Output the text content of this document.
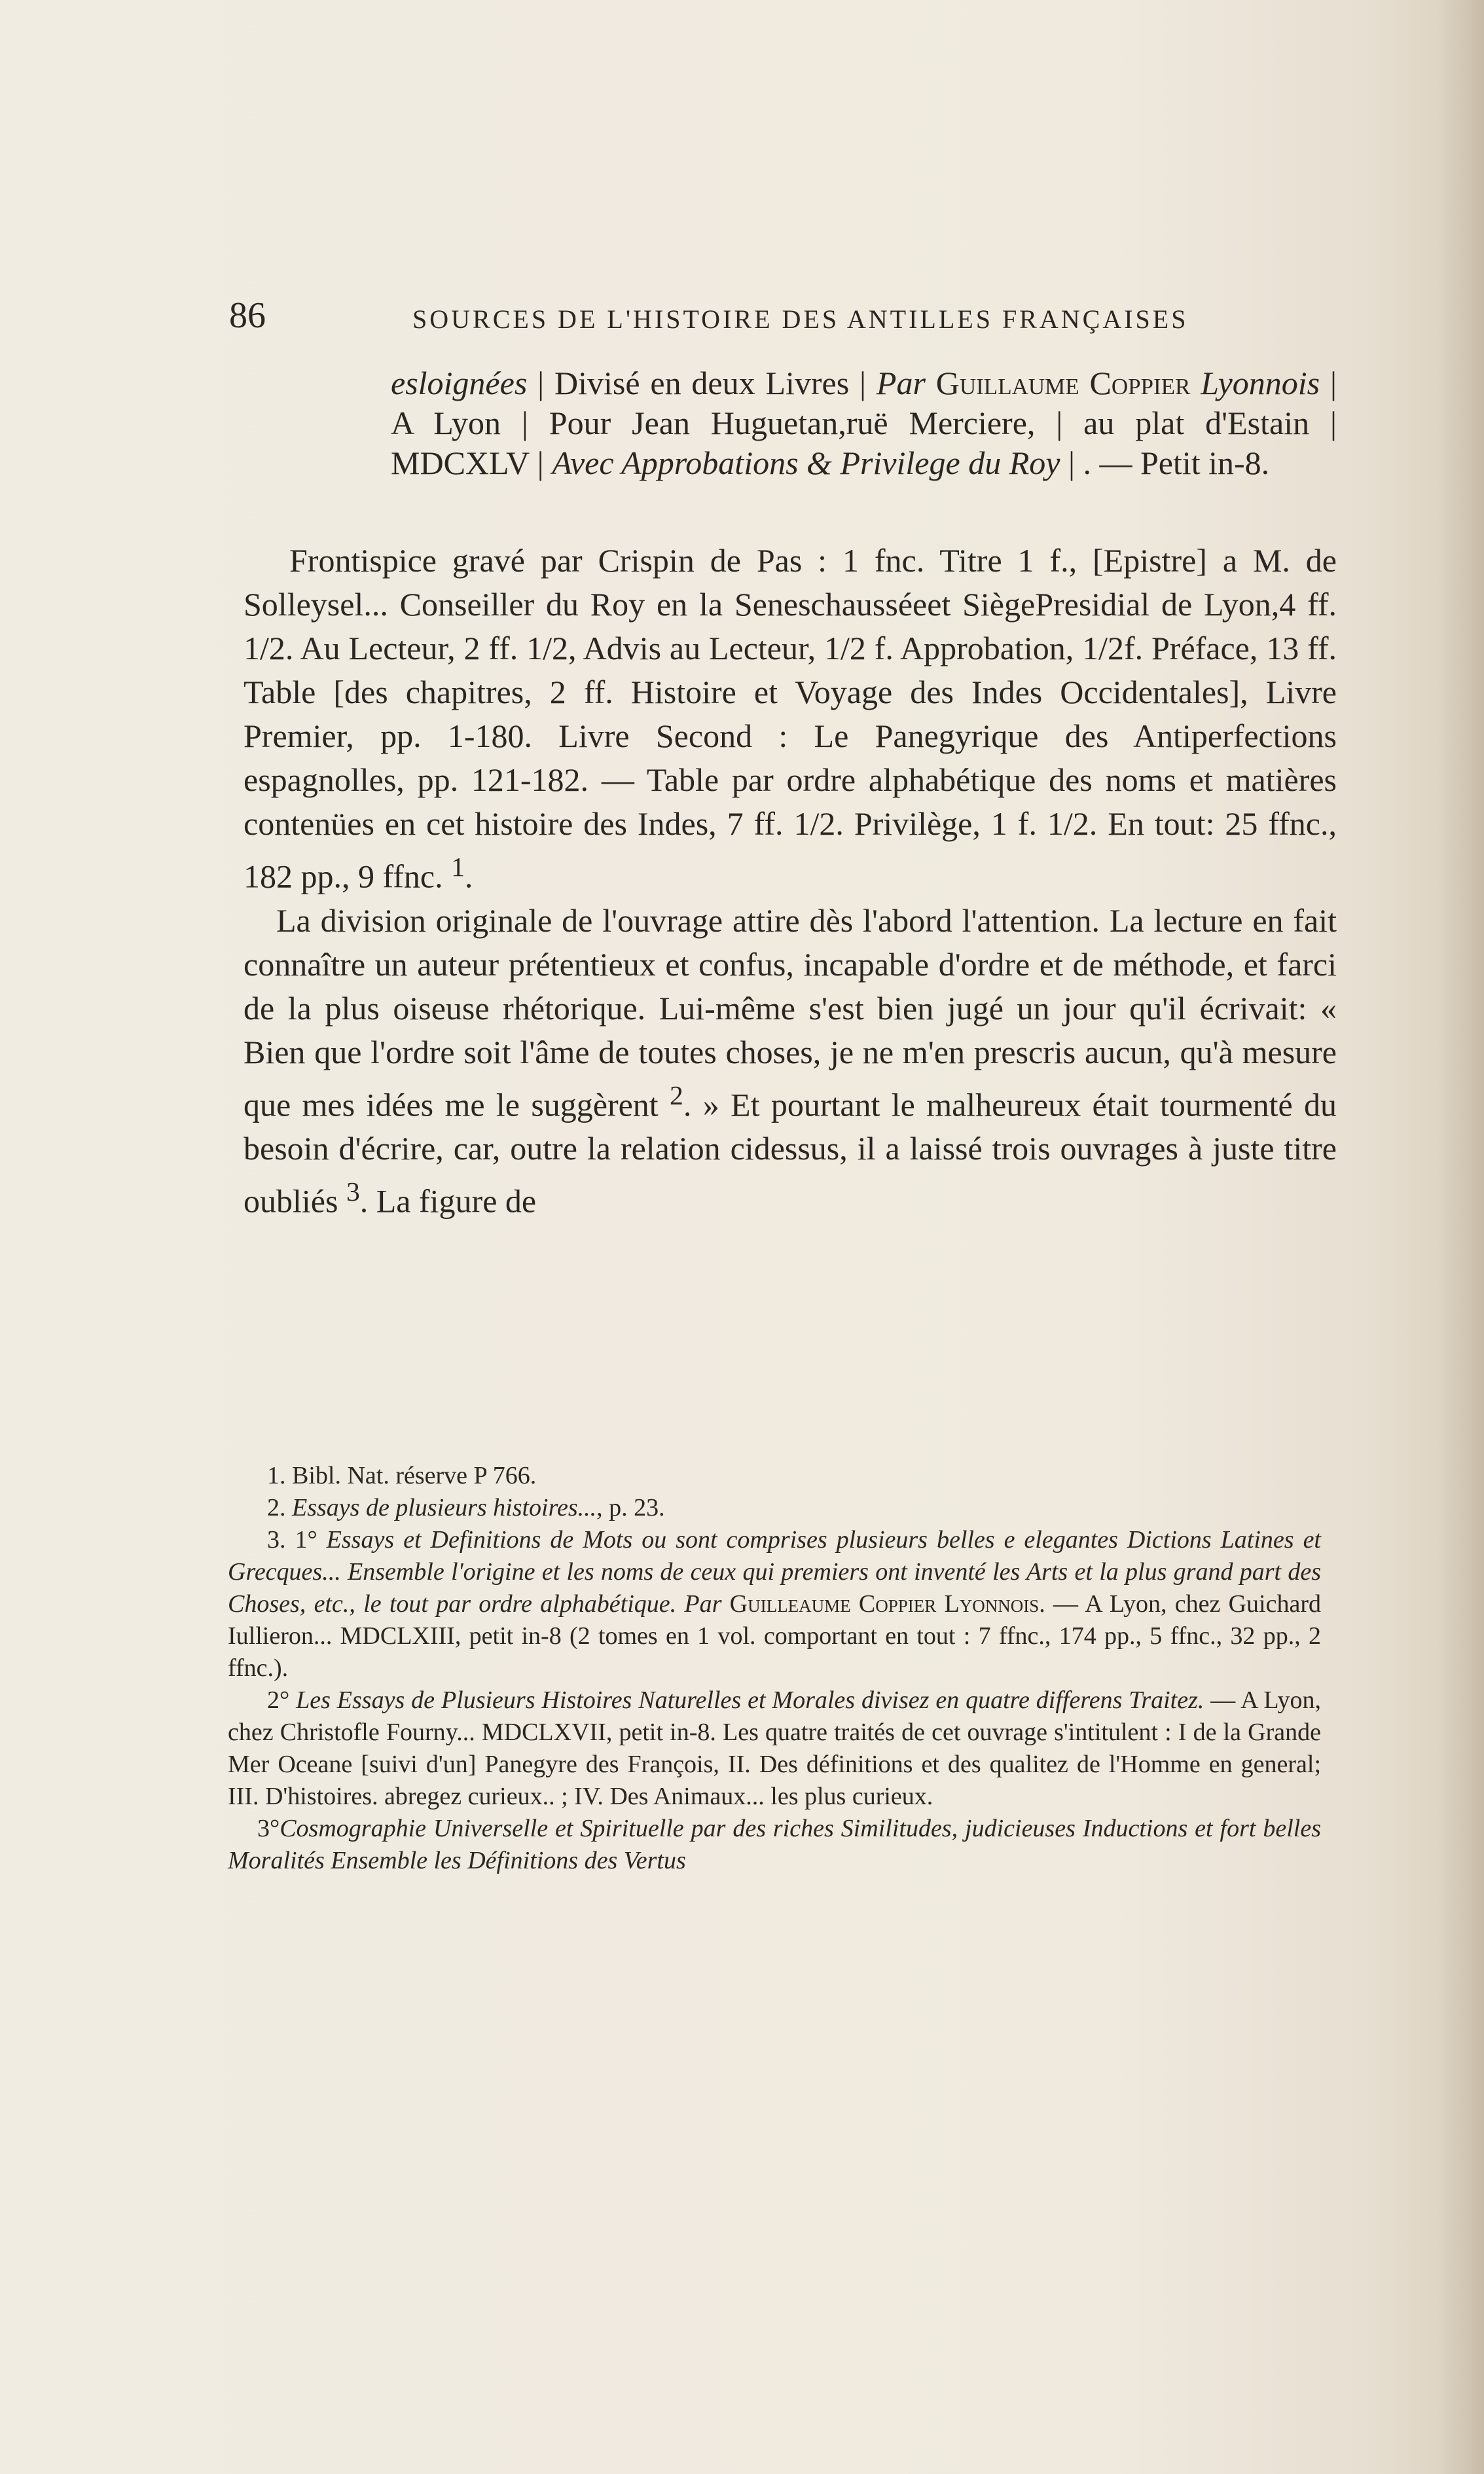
86	SOURCES DE L'HISTOIRE DES ANTILLES FRANÇAISES

esloignées | Divisé en deux Livres | Par Guillaume Coppier Lyonnois | A Lyon | Pour Jean Huguetan,ruë Merciere, | au plat d'Estain | MDCXLV | Avec Approbations & Privilege du Roy | . — Petit in-8.

Frontispice gravé par Crispin de Pas : 1 fnc. Titre 1 f., [Epistre] a M. de Solleysel... Conseiller du Roy en la Seneschausséeet SiègePresidial de Lyon,4 ff. 1/2. Au Lecteur, 2 ff. 1/2, Advis au Lecteur, 1/2 f. Approbation, 1/2f. Préface, 13 ff. Table [des chapitres, 2 ff. Histoire et Voyage des Indes Occidentales], Livre Premier, pp. 1-180. Livre Second : Le Panegyrique des Antiperfections espagnolles, pp. 121-182. — Table par ordre alphabétique des noms et matières contenües en cet histoire des Indes, 7 ff. 1/2. Privilège, 1 f. 1/2. En tout: 25 ffnc., 182 pp., 9 ffnc. $^1$.

La division originale de l'ouvrage attire dès l'abord l'attention. La lecture en fait connaître un auteur prétentieux et confus, incapable d'ordre et de méthode, et farci de la plus oiseuse rhétorique. Lui-même s'est bien jugé un jour qu'il écrivait: « Bien que l'ordre soit l'âme de toutes choses, je ne m'en prescris aucun, qu'à mesure que mes idées me le suggèrent $^2$. » Et pourtant le malheureux était tourmenté du besoin d'écrire, car, outre la relation cidessus, il a laissé trois ouvrages à juste titre oubliés $^3$. La figure de

1. Bibl. Nat. réserve P 766.

2. Essays de plusieurs histoires..., p. 23.

3. 1° Essays et Definitions de Mots ou sont comprises plusieurs belles e elegantes Dictions Latines et Grecques... Ensemble l'origine et les noms de ceux qui premiers ont inventé les Arts et la plus grand part des Choses, etc., le tout par ordre alphabétique. Par Guilleaume Coppier Lyonnois. — A Lyon, chez Guichard Iullieron... MDCLXIII, petit in-8 (2 tomes en 1 vol. comportant en tout : 7 ffnc., 174 pp., 5 ffnc., 32 pp., 2 ffnc.).

2° Les Essays de Plusieurs Histoires Naturelles et Morales divisez en quatre differens Traitez. — A Lyon, chez Christofle Fourny... MDCLXVII, petit in-8. Les quatre traités de cet ouvrage s'intitulent : I de la Grande Mer Oceane [suivi d'un] Panegyre des François, II. Des définitions et des qualitez de l'Homme en general; III. D'histoires. abregez curieux.. ; IV. Des Animaux... les plus curieux.

3°Cosmographie Universelle et Spirituelle par des riches Similitudes, judicieuses Inductions et fort belles Moralités Ensemble les Définitions des Vertus
